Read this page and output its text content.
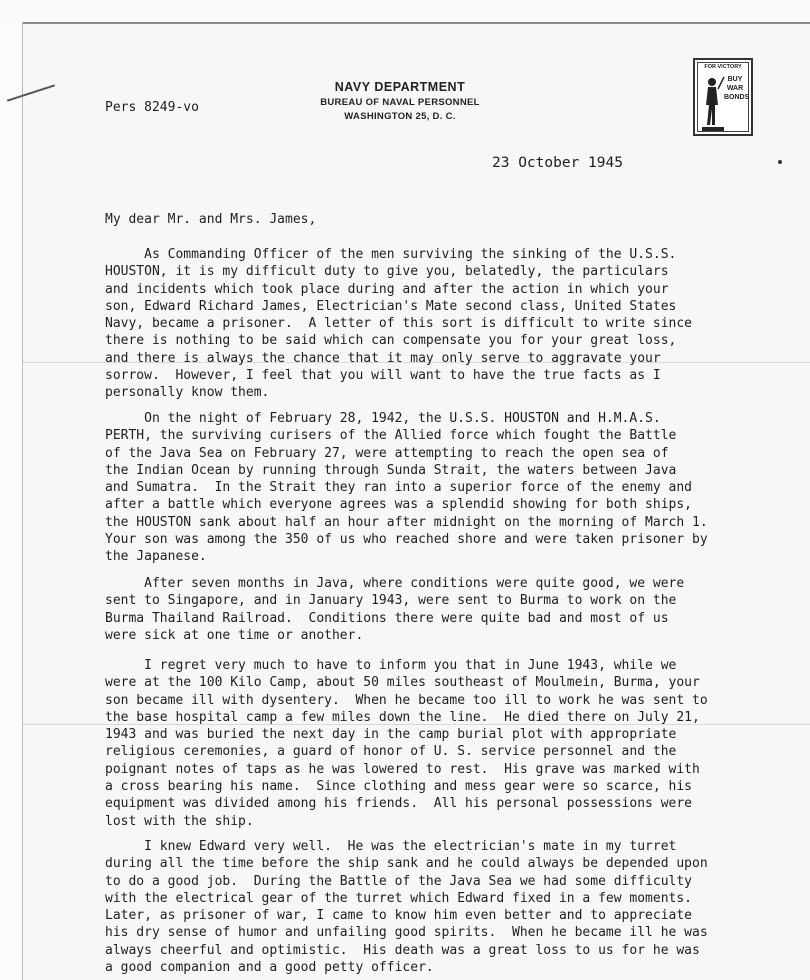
NAVY DEPARTMENT
BUREAU OF NAVAL PERSONNEL
WASHINGTON 25, D. C.
Pers 8249-vo
FOR VICTORY
BUY WAR BONDS
23 October 1945
My dear Mr. and Mrs. James,
As Commanding Officer of the men surviving the sinking of the U.S.S.
HOUSTON, it is my difficult duty to give you, belatedly, the particulars
and incidents which took place during and after the action in which your
son, Edward Richard James, Electrician's Mate second class, United States
Navy, became a prisoner.  A letter of this sort is difficult to write since
there is nothing to be said which can compensate you for your great loss,
and there is always the chance that it may only serve to aggravate your
sorrow.  However, I feel that you will want to have the true facts as I
personally know them.
On the night of February 28, 1942, the U.S.S. HOUSTON and H.M.A.S.
PERTH, the surviving curisers of the Allied force which fought the Battle
of the Java Sea on February 27, were attempting to reach the open sea of
the Indian Ocean by running through Sunda Strait, the waters between Java
and Sumatra.  In the Strait they ran into a superior force of the enemy and
after a battle which everyone agrees was a splendid showing for both ships,
the HOUSTON sank about half an hour after midnight on the morning of March 1.
Your son was among the 350 of us who reached shore and were taken prisoner by
the Japanese.
After seven months in Java, where conditions were quite good, we were
sent to Singapore, and in January 1943, were sent to Burma to work on the
Burma Thailand Railroad.  Conditions there were quite bad and most of us
were sick at one time or another.
I regret very much to have to inform you that in June 1943, while we
were at the 100 Kilo Camp, about 50 miles southeast of Moulmein, Burma, your
son became ill with dysentery.  When he became too ill to work he was sent to
the base hospital camp a few miles down the line.  He died there on July 21,
1943 and was buried the next day in the camp burial plot with appropriate
religious ceremonies, a guard of honor of U. S. service personnel and the
poignant notes of taps as he was lowered to rest.  His grave was marked with
a cross bearing his name.  Since clothing and mess gear were so scarce, his
equipment was divided among his friends.  All his personal possessions were
lost with the ship.
I knew Edward very well.  He was the electrician's mate in my turret
during all the time before the ship sank and he could always be depended upon
to do a good job.  During the Battle of the Java Sea we had some difficulty
with the electrical gear of the turret which Edward fixed in a few moments.
Later, as prisoner of war, I came to know him even better and to appreciate
his dry sense of humor and unfailing good spirits.  When he became ill he was
always cheerful and optimistic.  His death was a great loss to us for he was
a good companion and a good petty officer.
